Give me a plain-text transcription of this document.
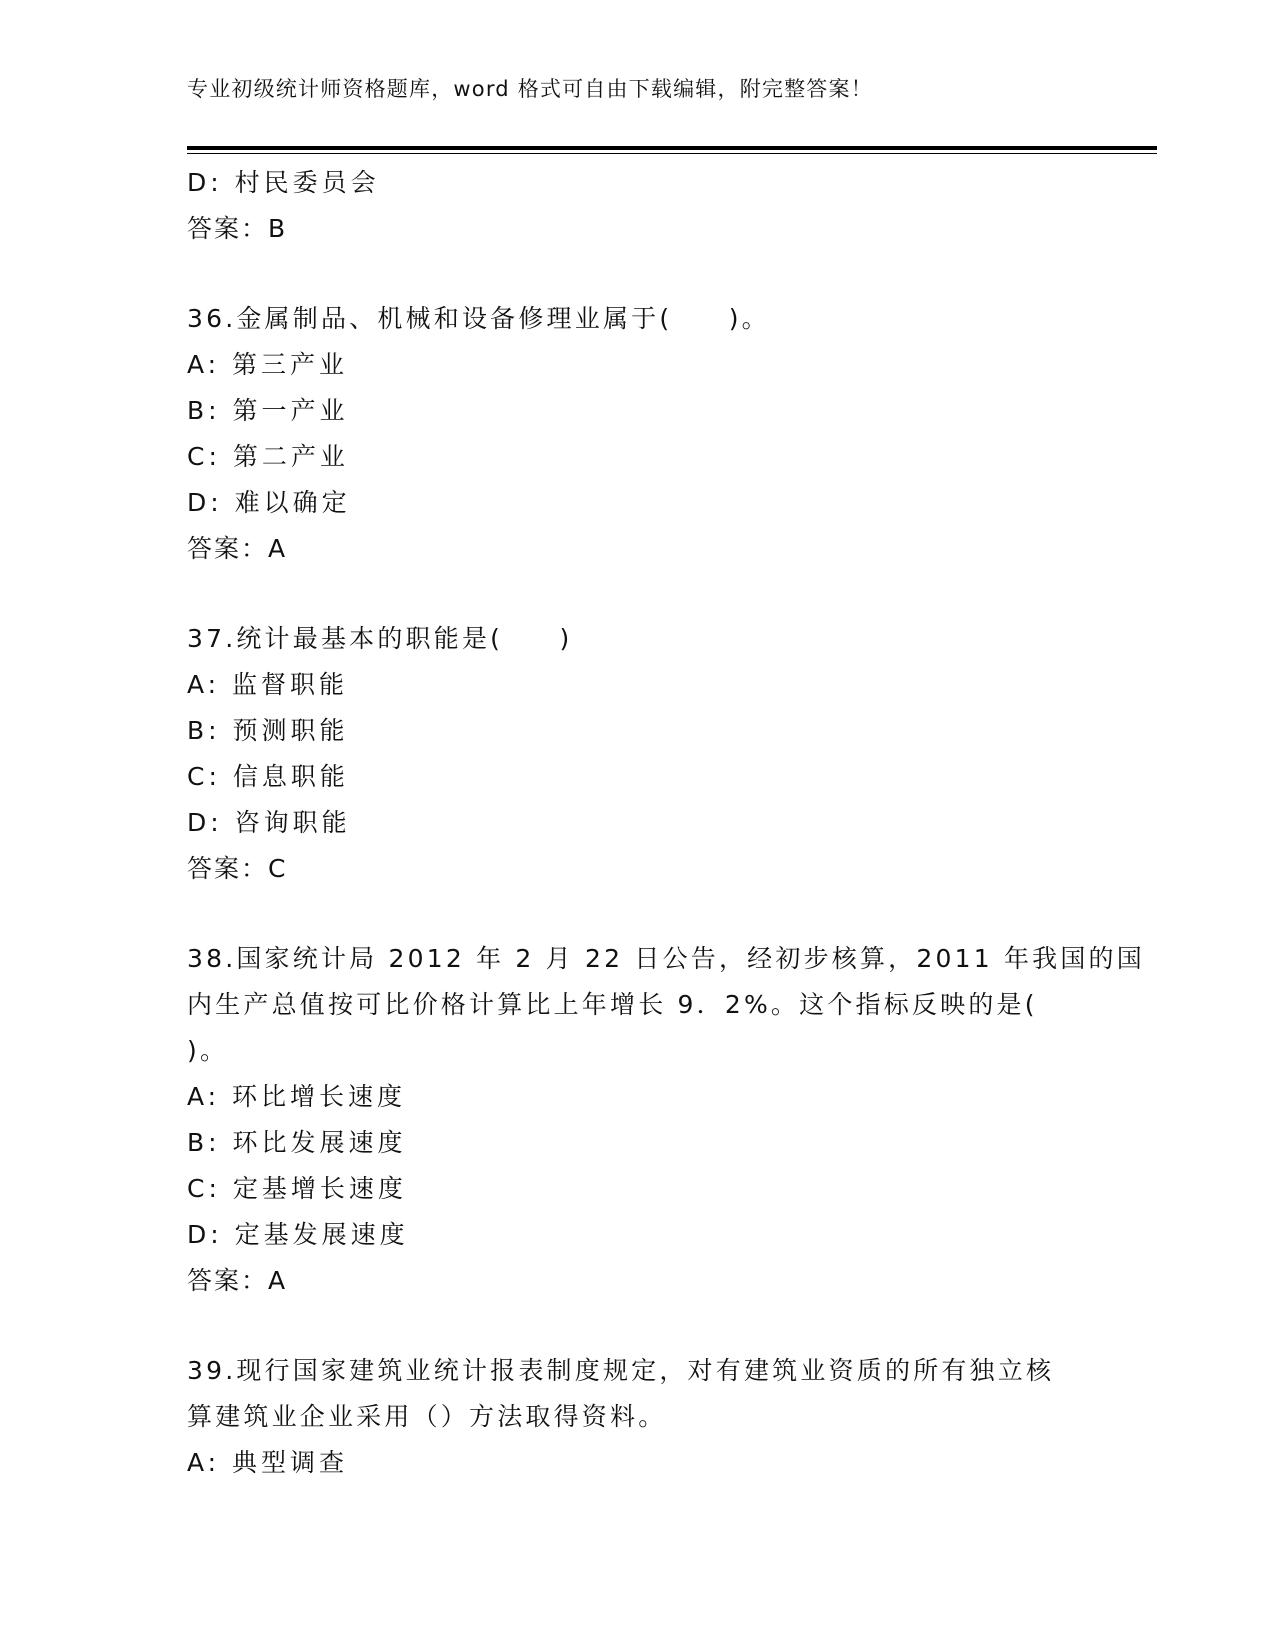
专业初级统计师资格题库，word 格式可自由下载编辑，附完整答案！
D: 村民委员会
答案：B
36.金属制品、机械和设备修理业属于(　　)。
A: 第三产业
B: 第一产业
C: 第二产业
D: 难以确定
答案：A
37.统计最基本的职能是(　　)
A: 监督职能
B: 预测职能
C: 信息职能
D: 咨询职能
答案：C
38.国家统计局 2012 年 2 月 22 日公告，经初步核算，2011 年我国的国
内生产总值按可比价格计算比上年增长 9．2%。这个指标反映的是(
)。
A: 环比增长速度
B: 环比发展速度
C: 定基增长速度
D: 定基发展速度
答案：A
39.现行国家建筑业统计报表制度规定，对有建筑业资质的所有独立核
算建筑业企业采用（）方法取得资料。
A: 典型调查
